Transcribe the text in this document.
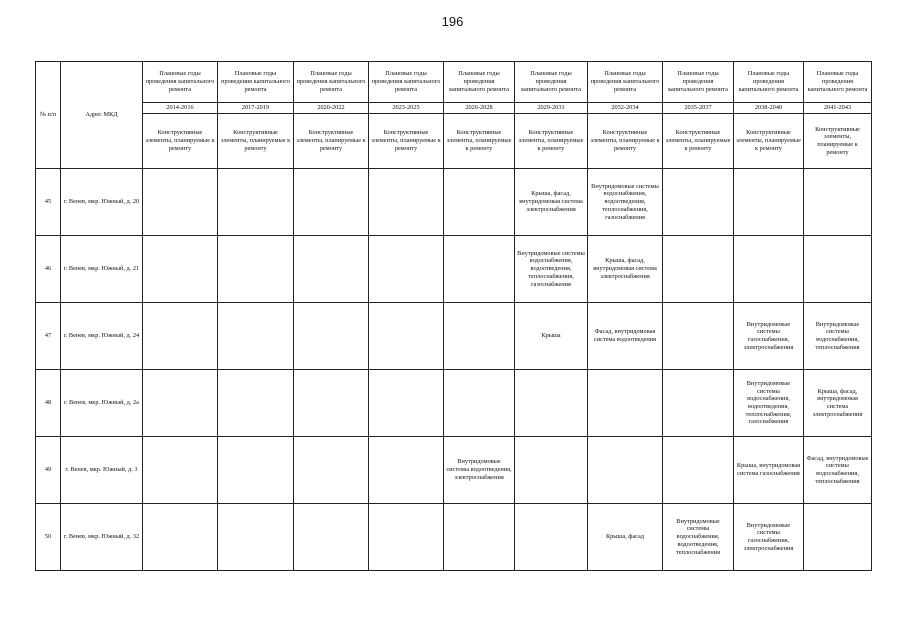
196
№ п/п	Адрес МКД	Плановые годы проведения капитального ремонта	Плановые годы проведения капитального ремонта	Плановые годы проведения капитального ремонта	Плановые годы проведения капитального ремонта	Плановые годы проведения капитального ремонта	Плановые годы проведения капитального ремонта	Плановые годы проведения капитального ремонта	Плановые годы проведения капитального ремонта	Плановые годы проведения капитального ремонта	Плановые годы проведения капитального ремонта
		2014-2016	2017-2019	2020-2022	2023-2025	2026-2028	2029-2031	2032-2034	2035-2037	2038-2040	2041-2043
		Конструктивные элементы, планируемые к ремонту	Конструктивные элементы, планируемые к ремонту	Конструктивные элементы, планируемые к ремонту	Конструктивные элементы, планируемые к ремонту	Конструктивные элементы, планируемые к ремонту	Конструктивные элементы, планируемые к ремонту	Конструктивные элементы, планируемые к ремонту	Конструктивные элементы, планируемые к ремонту	Конструктивные элементы, планируемые к ремонту	Конструктивные элементы, планируемые к ремонту
45	г. Венев, мкр. Южный, д. 20						Крыша, фасад, внутридомовая система электроснабжения	Внутридомовые системы водоснабжения, водоотведения, теплоснабжения, газоснабжения			
46	г. Венев, мкр. Южный, д. 21						Внутридомовые системы водоснабжения, водоотведения, теплоснабжения, газоснабжения	Крыша, фасад, внутридомовая система электроснабжения			
47	г. Венев, мкр. Южный, д. 24						Крыша	Фасад, внутридомовая система водоотведения		Внутридомовые системы газоснабжения, электроснабжения	Внутридомовые системы водоснабжения, теплоснабжения
48	г. Венев, мкр. Южный, д. 2а									Внутридомовые системы водоснабжения, водоотведения, теплоснабжения, газоснабжения	Крыша, фасад, внутридомовая система электроснабжения
49	г. Венев, мкр. Южный, д. 3					Внутридомовые системы водоотведения, электроснабжения				Крыша, внутридомовая система газоснабжения	Фасад, внутридомовые системы водоснабжения, теплоснабжения
50	г. Венев, мкр. Южный, д. 32							Крыша, фасад	Внутридомовые системы водоснабжения, водоотведения, теплоснабжения	Внутридомовые системы газоснабжения, электроснабжения	
